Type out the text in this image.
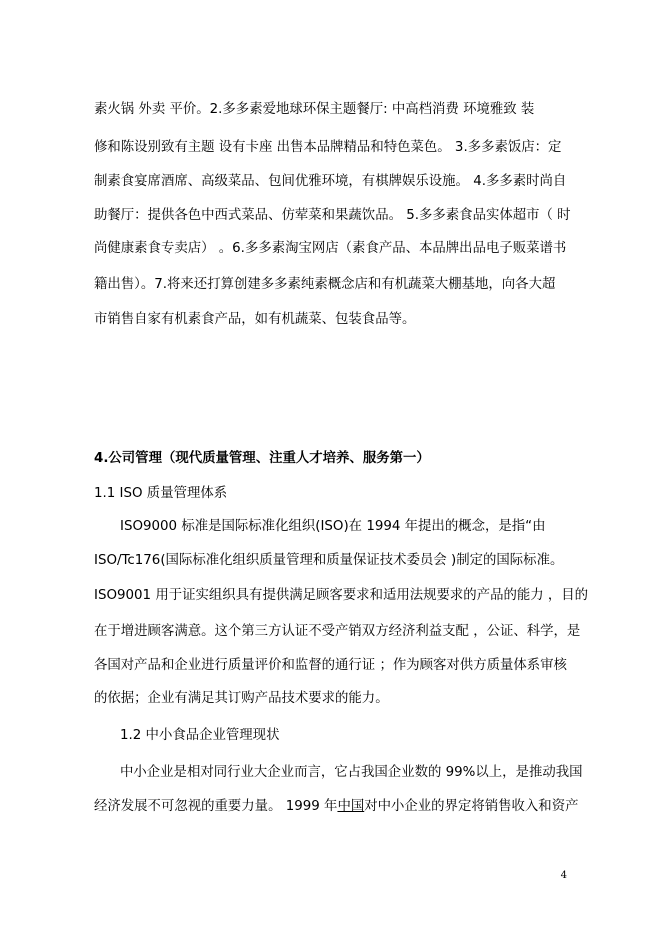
素火锅 外卖 平价。2.多多素爱地球环保主题餐厅: 中高档消费 环境雅致 装

修和陈设别致有主题 设有卡座 出售本品牌精品和特色菜色。 3.多多素饭店：定

制素食宴席酒席、高级菜品、包间优雅环境，有棋牌娱乐设施。 4.多多素时尚自

助餐厅：提供各色中西式菜品、仿荤菜和果蔬饮品。 5.多多素食品实体超市（ 时

尚健康素食专卖店） 。6.多多素淘宝网店（素食产品、本品牌出品电子贩菜谱书

籍出售）。7.将来还打算创建多多素纯素概念店和有机蔬菜大棚基地，向各大超

市销售自家有机素食产品，如有机蔬菜、包装食品等。

4.公司管理（现代质量管理、注重人才培养、服务第一）

1.1 ISO 质量管理体系

ISO9000 标准是国际标准化组织(ISO)在 1994 年提出的概念，是指“由

ISO/Tc176(国际标准化组织质量管理和质量保证技术委员会 )制定的国际标准。

ISO9001 用于证实组织具有提供满足顾客要求和适用法规要求的产品的能力 ，目的

在于增进顾客满意。这个第三方认证不受产销双方经济利益支配 ，公证、科学，是

各国对产品和企业进行质量评价和监督的通行证 ；作为顾客对供方质量体系审核

的依据；企业有满足其订购产品技术要求的能力。

1.2 中小食品企业管理现状

中小企业是相对同行业大企业而言，它占我国企业数的 99%以上，是推动我国

经济发展不可忽视的重要力量。 1999 年中国对中小企业的界定将销售收入和资产

4
